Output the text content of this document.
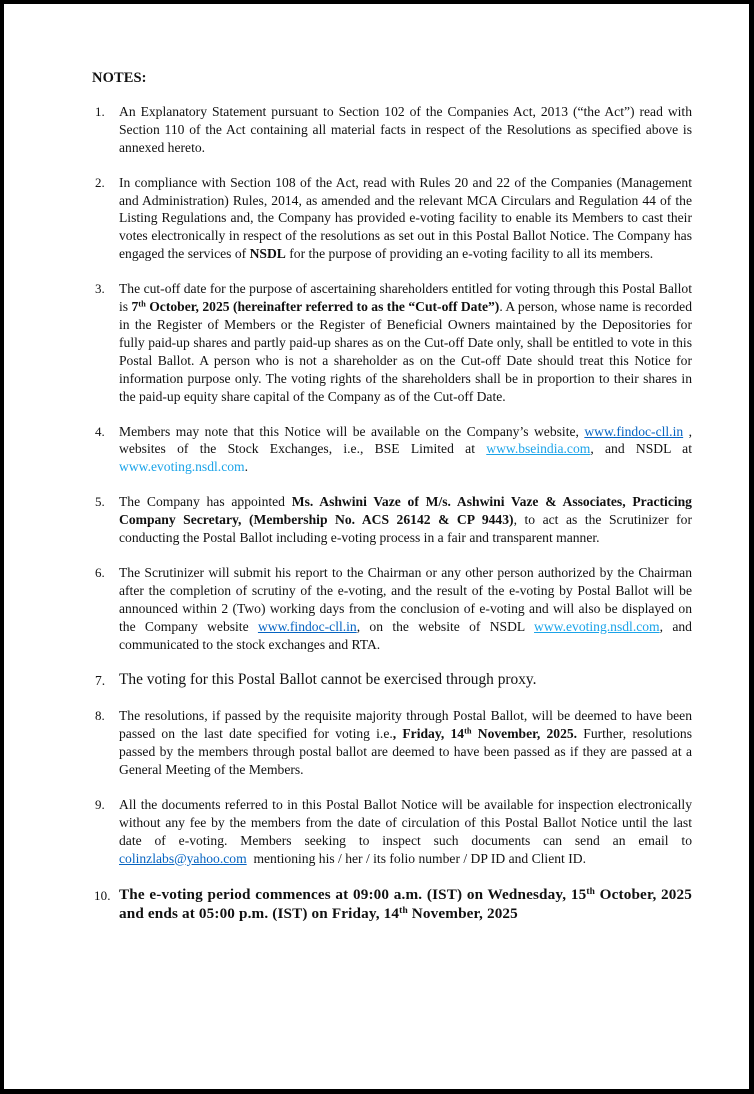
NOTES:
1. An Explanatory Statement pursuant to Section 102 of the Companies Act, 2013 (“the Act”) read with Section 110 of the Act containing all material facts in respect of the Resolutions as specified above is annexed hereto.
2. In compliance with Section 108 of the Act, read with Rules 20 and 22 of the Companies (Management and Administration) Rules, 2014, as amended and the relevant MCA Circulars and Regulation 44 of the Listing Regulations and, the Company has provided e-voting facility to enable its Members to cast their votes electronically in respect of the resolutions as set out in this Postal Ballot Notice. The Company has engaged the services of NSDL for the purpose of providing an e-voting facility to all its members.
3. The cut-off date for the purpose of ascertaining shareholders entitled for voting through this Postal Ballot is 7th October, 2025 (hereinafter referred to as the “Cut-off Date”). A person, whose name is recorded in the Register of Members or the Register of Beneficial Owners maintained by the Depositories for fully paid-up shares and partly paid-up shares as on the Cut-off Date only, shall be entitled to vote in this Postal Ballot. A person who is not a shareholder as on the Cut-off Date should treat this Notice for information purpose only. The voting rights of the shareholders shall be in proportion to their shares in the paid-up equity share capital of the Company as of the Cut-off Date.
4. Members may note that this Notice will be available on the Company’s website, www.findoc-cll.in , websites of the Stock Exchanges, i.e., BSE Limited at www.bseindia.com, and NSDL at www.evoting.nsdl.com.
5. The Company has appointed Ms. Ashwini Vaze of M/s. Ashwini Vaze & Associates, Practicing Company Secretary, (Membership No. ACS 26142 & CP 9443), to act as the Scrutinizer for conducting the Postal Ballot including e-voting process in a fair and transparent manner.
6. The Scrutinizer will submit his report to the Chairman or any other person authorized by the Chairman after the completion of scrutiny of the e-voting, and the result of the e-voting by Postal Ballot will be announced within 2 (Two) working days from the conclusion of e-voting and will also be displayed on the Company website www.findoc-cll.in, on the website of NSDL www.evoting.nsdl.com, and communicated to the stock exchanges and RTA.
7. The voting for this Postal Ballot cannot be exercised through proxy.
8. The resolutions, if passed by the requisite majority through Postal Ballot, will be deemed to have been passed on the last date specified for voting i.e., Friday, 14th November, 2025. Further, resolutions passed by the members through postal ballot are deemed to have been passed as if they are passed at a General Meeting of the Members.
9. All the documents referred to in this Postal Ballot Notice will be available for inspection electronically without any fee by the members from the date of circulation of this Postal Ballot Notice until the last date of e-voting. Members seeking to inspect such documents can send an email to colinzlabs@yahoo.com  mentioning his / her / its folio number / DP ID and Client ID.
10. The e-voting period commences at 09:00 a.m. (IST) on Wednesday, 15th October, 2025 and ends at 05:00 p.m. (IST) on Friday, 14th November, 2025
